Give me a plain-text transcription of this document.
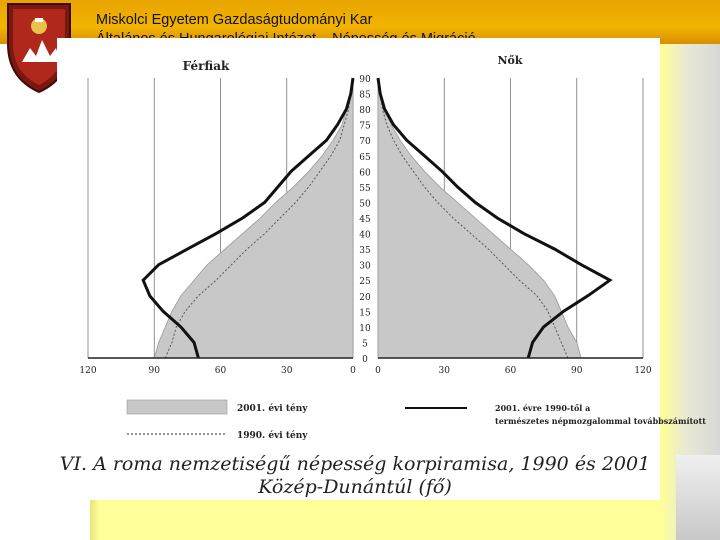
Miskolci Egyetem Gazdaságtudományi Kar
0
5
10
15
20
25
30
35
40
45
50
55
60
65
70
75
80
85
90
120	90	60	30	0 0	30	60	90	120
2001. évi tény
1990. évi tény
2001. évre 1990-től a természetes népmozgalommal továbbszámított
VI. A roma nemzetiségű népesség korpiramisa, 1990 és 2001
Közép-Dunántúl (fő)
Férfiak	Nők
